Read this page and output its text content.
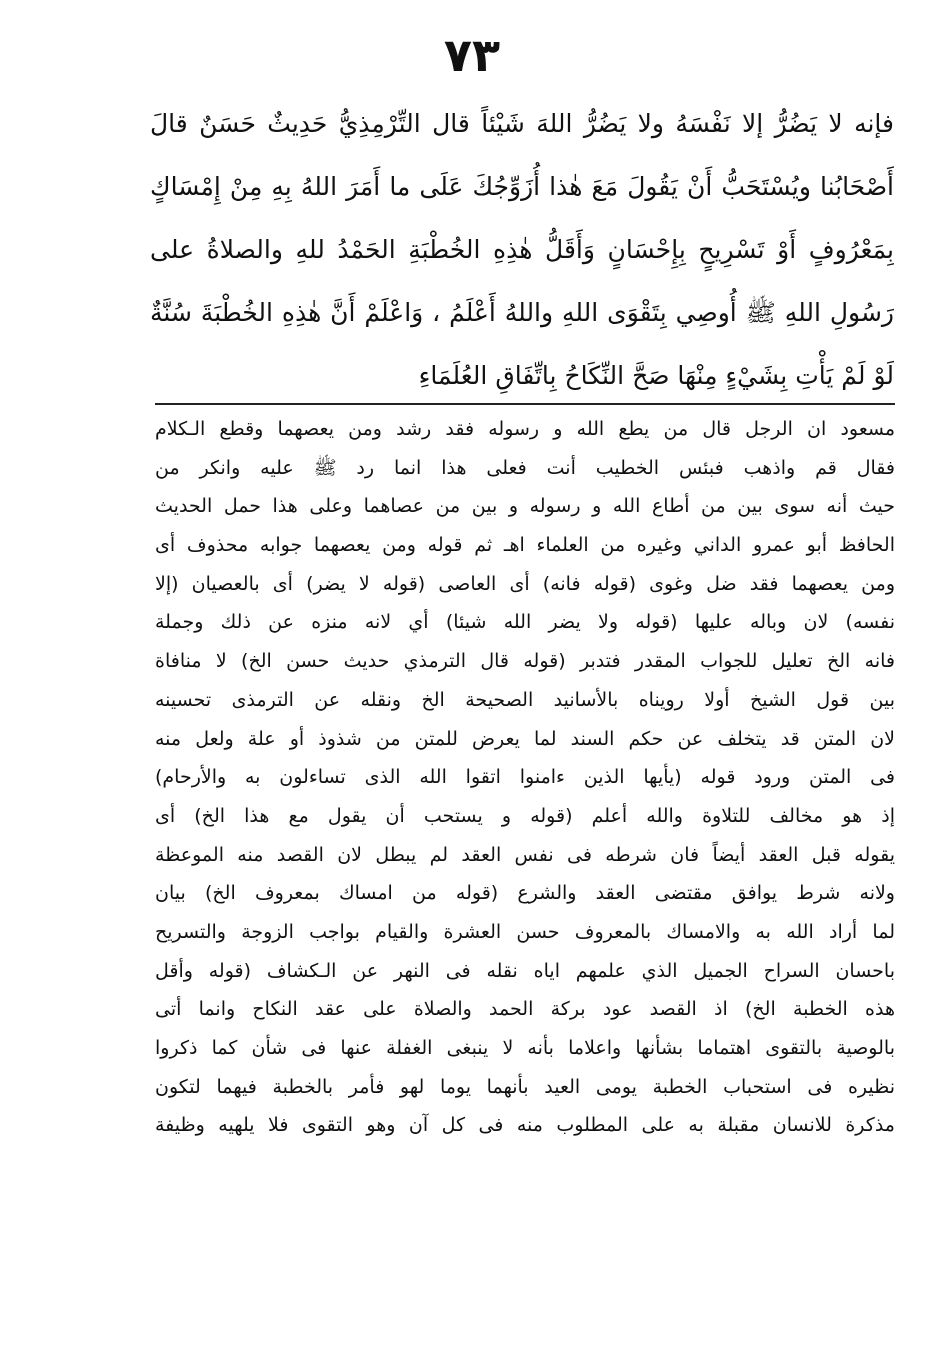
٧٣
فإنه لا يَضُرُّ إلا نَفْسَهُ ولا يَضُرُّ اللهَ شَيْئاً قال التِّرْمِذِيُّ حَدِيثٌ حَسَنٌ قالَ
أَصْحَابُنا ويُسْتَحَبُّ أَنْ يَقُولَ مَعَ هٰذا أُزَوِّجُكَ عَلَى ما أَمَرَ اللهُ بِهِ مِنْ إِمْسَاكٍ
بِمَعْرُوفٍ أَوْ تَسْرِيحٍ بِإِحْسَانٍ وَأَقَلُّ هٰذِهِ الخُطْبَةِ الحَمْدُ للهِ والصلاةُ على
رَسُولِ اللهِ ﷺ أُوصِي بِتَقْوَى اللهِ واللهُ أَعْلَمُ ، وَاعْلَمْ أَنَّ هٰذِهِ الخُطْبَةَ سُنَّةٌ
لَوْ لَمْ يَأْتِ بِشَيْءٍ مِنْهَا صَحَّ النِّكَاحُ بِاتِّفَاقِ العُلَمَاءِ
مسعود ان الرجل قال من يطع الله و رسوله فقد رشد ومن يعصهما وقطع الـكلام
فقال قم واذهب فبئس الخطيب أنت فعلى هذا انما رد ﷺ عليه وانكر من
حيث أنه سوى بين من أطاع الله و رسوله و بين من عصاهما وعلى هذا حمل الحديث
الحافظ أبو عمرو الداني وغيره من العلماء اهـ ثم قوله ومن يعصهما جوابه محذوف أى
ومن يعصهما فقد ضل وغوى (قوله فانه) أى العاصى (قوله لا يضر) أى بالعصيان (إلا
نفسه) لان وباله عليها (قوله ولا يضر الله شيئا) أي لانه منزه عن ذلك وجملة
فانه الخ تعليل للجواب المقدر فتدبر (قوله قال الترمذي حديث حسن الخ) لا منافاة
بين قول الشيخ أولا رويناه بالأسانيد الصحيحة الخ ونقله عن الترمذى تحسينه
لان المتن قد يتخلف عن حكم السند لما يعرض للمتن من شذوذ أو علة ولعل منه
فى المتن ورود قوله (يأيها الذين ءامنوا اتقوا الله الذى تساءلون به والأرحام)
إذ هو مخالف للتلاوة والله أعلم (قوله و يستحب أن يقول مع هذا الخ) أى
يقوله قبل العقد أيضاً فان شرطه فى نفس العقد لم يبطل لان القصد منه الموعظة
ولانه شرط يوافق مقتضى العقد والشرع (قوله من امساك بمعروف الخ) بيان
لما أراد الله به والامساك بالمعروف حسن العشرة والقيام بواجب الزوجة والتسريح
باحسان السراح الجميل الذي علمهم اياه نقله فى النهر عن الـكشاف (قوله وأقل
هذه الخطبة الخ) اذ القصد عود بركة الحمد والصلاة على عقد النكاح وانما أتى
بالوصية بالتقوى اهتماما بشأنها واعلاما بأنه لا ينبغى الغفلة عنها فى شأن كما ذكروا
نظيره فى استحباب الخطبة يومى العيد بأنهما يوما لهو فأمر بالخطبة فيهما لتكون
مذكرة للانسان مقبلة به على المطلوب منه فى كل آن وهو التقوى فلا يلهيه وظيفة
